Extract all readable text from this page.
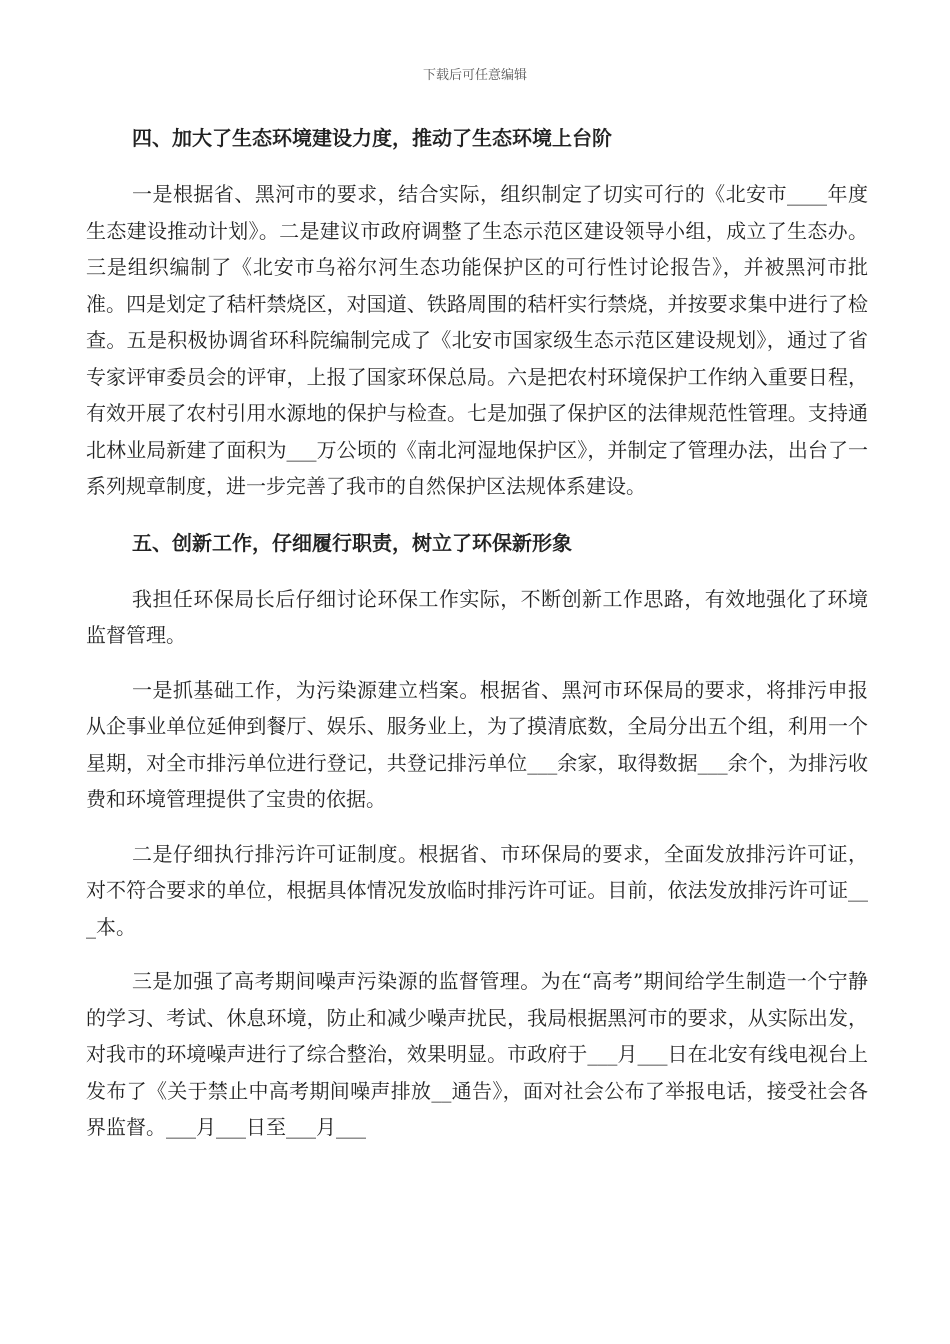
下载后可任意编辑
四、加大了生态环境建设力度，推动了生态环境上台阶
一是根据省、黑河市的要求，结合实际，组织制定了切实可行的《北安市____年度生态建设推动计划》。二是建议市政府调整了生态示范区建设领导小组，成立了生态办。三是组织编制了《北安市乌裕尔河生态功能保护区的可行性讨论报告》，并被黑河市批准。四是划定了秸杆禁烧区，对国道、铁路周围的秸杆实行禁烧，并按要求集中进行了检查。五是积极协调省环科院编制完成了《北安市国家级生态示范区建设规划》，通过了省专家评审委员会的评审，上报了国家环保总局。六是把农村环境保护工作纳入重要日程，有效开展了农村引用水源地的保护与检查。七是加强了保护区的法律规范性管理。支持通北林业局新建了面积为___万公顷的《南北河湿地保护区》，并制定了管理办法，出台了一系列规章制度，进一步完善了我市的自然保护区法规体系建设。
五、创新工作，仔细履行职责，树立了环保新形象
我担任环保局长后仔细讨论环保工作实际，不断创新工作思路，有效地强化了环境监督管理。
一是抓基础工作，为污染源建立档案。根据省、黑河市环保局的要求，将排污申报从企事业单位延伸到餐厅、娱乐、服务业上，为了摸清底数，全局分出五个组，利用一个星期，对全市排污单位进行登记，共登记排污单位___余家，取得数据___余个，为排污收费和环境管理提供了宝贵的依据。
二是仔细执行排污许可证制度。根据省、市环保局的要求，全面发放排污许可证，对不符合要求的单位，根据具体情况发放临时排污许可证。目前，依法发放排污许可证___本。
三是加强了高考期间噪声污染源的监督管理。为在“高考”期间给学生制造一个宁静的学习、考试、休息环境，防止和减少噪声扰民，我局根据黑河市的要求，从实际出发，对我市的环境噪声进行了综合整治，效果明显。市政府于___月___日在北安有线电视台上发布了《关于禁止中高考期间噪声排放__通告》，面对社会公布了举报电话，接受社会各界监督。___月___日至___月___
